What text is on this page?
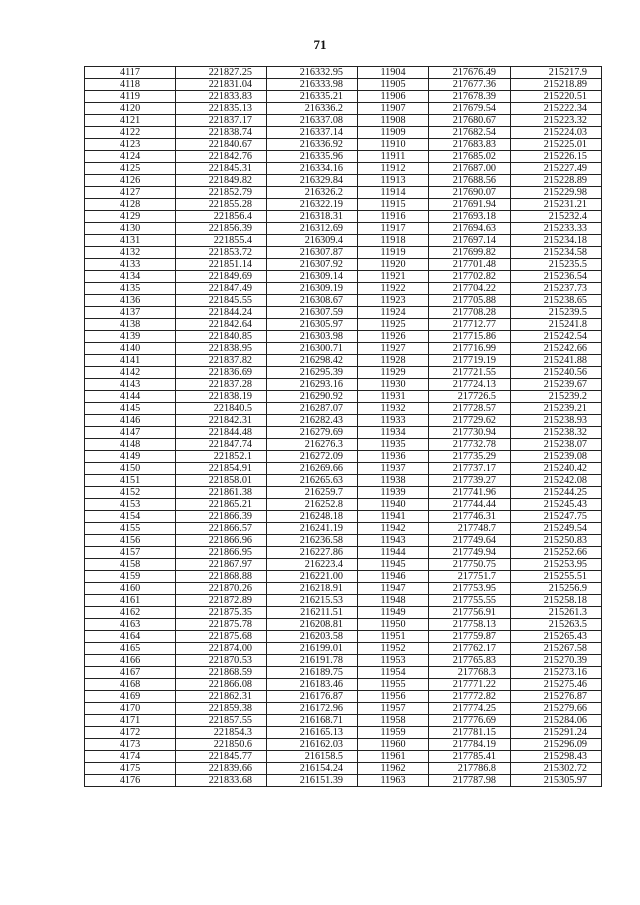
71
4117	221827.25	216332.95	11904	217676.49	215217.9
4118	221831.04	216333.98	11905	217677.36	215218.89
4119	221833.83	216335.21	11906	217678.39	215220.51
4120	221835.13	216336.2	11907	217679.54	215222.34
4121	221837.17	216337.08	11908	217680.67	215223.32
4122	221838.74	216337.14	11909	217682.54	215224.03
4123	221840.67	216336.92	11910	217683.83	215225.01
4124	221842.76	216335.96	11911	217685.02	215226.15
4125	221845.31	216334.16	11912	217687.00	215227.49
4126	221849.82	216329.84	11913	217688.56	215228.89
4127	221852.79	216326.2	11914	217690.07	215229.98
4128	221855.28	216322.19	11915	217691.94	215231.21
4129	221856.4	216318.31	11916	217693.18	215232.4
4130	221856.39	216312.69	11917	217694.63	215233.33
4131	221855.4	216309.4	11918	217697.14	215234.18
4132	221853.72	216307.87	11919	217699.82	215234.58
4133	221851.14	216307.92	11920	217701.48	215235.5
4134	221849.69	216309.14	11921	217702.82	215236.54
4135	221847.49	216309.19	11922	217704.22	215237.73
4136	221845.55	216308.67	11923	217705.88	215238.65
4137	221844.24	216307.59	11924	217708.28	215239.5
4138	221842.64	216305.97	11925	217712.77	215241.8
4139	221840.85	216303.98	11926	217715.86	215242.54
4140	221838.95	216300.71	11927	217716.99	215242.66
4141	221837.82	216298.42	11928	217719.19	215241.88
4142	221836.69	216295.39	11929	217721.55	215240.56
4143	221837.28	216293.16	11930	217724.13	215239.67
4144	221838.19	216290.92	11931	217726.5	215239.2
4145	221840.5	216287.07	11932	217728.57	215239.21
4146	221842.31	216282.43	11933	217729.62	215238.93
4147	221844.48	216279.69	11934	217730.94	215238.32
4148	221847.74	216276.3	11935	217732.78	215238.07
4149	221852.1	216272.09	11936	217735.29	215239.08
4150	221854.91	216269.66	11937	217737.17	215240.42
4151	221858.01	216265.63	11938	217739.27	215242.08
4152	221861.38	216259.7	11939	217741.96	215244.25
4153	221865.21	216252.8	11940	217744.44	215245.43
4154	221866.39	216248.18	11941	217746.31	215247.75
4155	221866.57	216241.19	11942	217748.7	215249.54
4156	221866.96	216236.58	11943	217749.64	215250.83
4157	221866.95	216227.86	11944	217749.94	215252.66
4158	221867.97	216223.4	11945	217750.75	215253.95
4159	221868.88	216221.00	11946	217751.7	215255.51
4160	221870.26	216218.91	11947	217753.95	215256.9
4161	221872.89	216215.53	11948	217755.55	215258.18
4162	221875.35	216211.51	11949	217756.91	215261.3
4163	221875.78	216208.81	11950	217758.13	215263.5
4164	221875.68	216203.58	11951	217759.87	215265.43
4165	221874.00	216199.01	11952	217762.17	215267.58
4166	221870.53	216191.78	11953	217765.83	215270.39
4167	221868.59	216189.75	11954	217768.3	215273.16
4168	221866.08	216183.46	11955	217771.22	215275.46
4169	221862.31	216176.87	11956	217772.82	215276.87
4170	221859.38	216172.96	11957	217774.25	215279.66
4171	221857.55	216168.71	11958	217776.69	215284.06
4172	221854.3	216165.13	11959	217781.15	215291.24
4173	221850.6	216162.03	11960	217784.19	215296.09
4174	221845.77	216158.5	11961	217785.41	215298.43
4175	221839.66	216154.24	11962	217786.8	215302.72
4176	221833.68	216151.39	11963	217787.98	215305.97
